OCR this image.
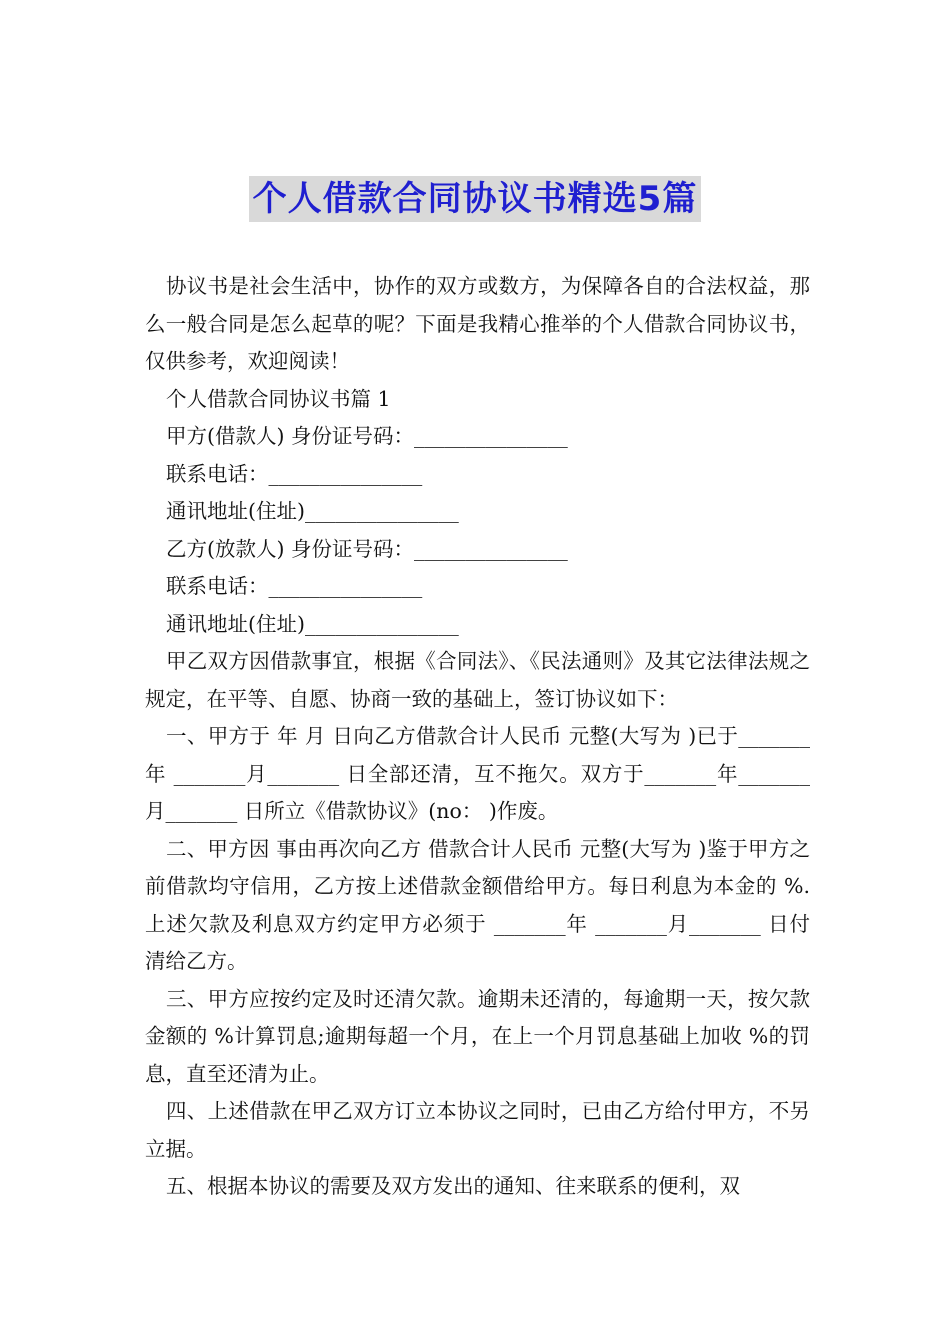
个人借款合同协议书精选5篇

协议书是社会生活中，协作的双方或数方，为保障各自的合法权益，那么一般合同是怎么起草的呢？下面是我精心推举的个人借款合同协议书，仅供参考，欢迎阅读！

个人借款合同协议书篇 1

甲方(借款人) 身份证号码：_______________

联系电话：_______________

通讯地址(住址)_______________

乙方(放款人) 身份证号码：_______________

联系电话：_______________

通讯地址(住址)_______________

甲乙双方因借款事宜，根据《合同法》、《民法通则》及其它法律法规之规定，在平等、自愿、协商一致的基础上，签订协议如下：

一、甲方于 年 月 日向乙方借款合计人民币 元整(大写为 )已于_______ 年 _______月_______ 日全部还清，互不拖欠。双方于_______年_______ 月_______ 日所立《借款协议》(no： )作废。

二、甲方因 事由再次向乙方 借款合计人民币 元整(大写为 )鉴于甲方之前借款均守信用，乙方按上述借款金额借给甲方。每日利息为本金的 %.上述欠款及利息双方约定甲方必须于 _______年 _______月_______ 日付清给乙方。

三、甲方应按约定及时还清欠款。逾期未还清的，每逾期一天，按欠款金额的 %计算罚息;逾期每超一个月，在上一个月罚息基础上加收 %的罚息，直至还清为止。

四、上述借款在甲乙双方订立本协议之同时，已由乙方给付甲方，不另立据。

五、根据本协议的需要及双方发出的通知、往来联系的便利，双
